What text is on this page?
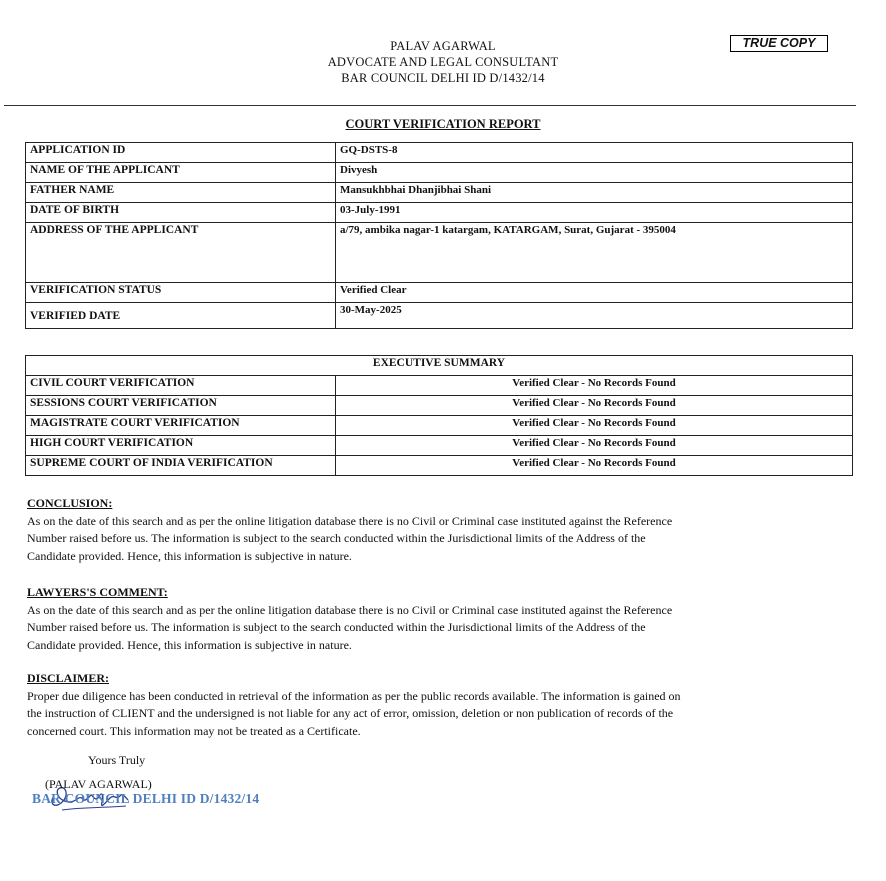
PALAV AGARWAL
ADVOCATE AND LEGAL CONSULTANT
BAR COUNCIL DELHI ID D/1432/14
TRUE COPY
COURT VERIFICATION REPORT
APPLICATION ID	GQ-DSTS-8
NAME OF THE APPLICANT	Divyesh
FATHER NAME	Mansukhbhai Dhanjibhai Shani
DATE OF BIRTH	03-July-1991
ADDRESS OF THE APPLICANT	a/79, ambika nagar-1 katargam, KATARGAM, Surat, Gujarat - 395004
VERIFICATION STATUS	Verified Clear
VERIFIED DATE	30-May-2025
EXECUTIVE SUMMARY	
CIVIL COURT VERIFICATION	Verified Clear - No Records Found
SESSIONS COURT VERIFICATION	Verified Clear - No Records Found
MAGISTRATE COURT VERIFICATION	Verified Clear - No Records Found
HIGH COURT VERIFICATION	Verified Clear - No Records Found
SUPREME COURT OF INDIA VERIFICATION	Verified Clear - No Records Found
CONCLUSION:
As on the date of this search and as per the online litigation database there is no Civil or Criminal case instituted against the Reference
Number raised before us. The information is subject to the search conducted within the Jurisdictional limits of the Address of the
Candidate provided. Hence, this information is subjective in nature.
LAWYERS'S COMMENT:
As on the date of this search and as per the online litigation database there is no Civil or Criminal case instituted against the Reference
Number raised before us. The information is subject to the search conducted within the Jurisdictional limits of the Address of the
Candidate provided. Hence, this information is subjective in nature.
DISCLAIMER:
Proper due diligence has been conducted in retrieval of the information as per the public records available. The information is gained on
the instruction of CLIENT and the undersigned is not liable for any act of error, omission, deletion or non publication of records of the
concerned court. This information may not be treated as a Certificate.
Yours Truly
(PALAV AGARWAL)
BAR COUNCIL DELHI ID D/1432/14
